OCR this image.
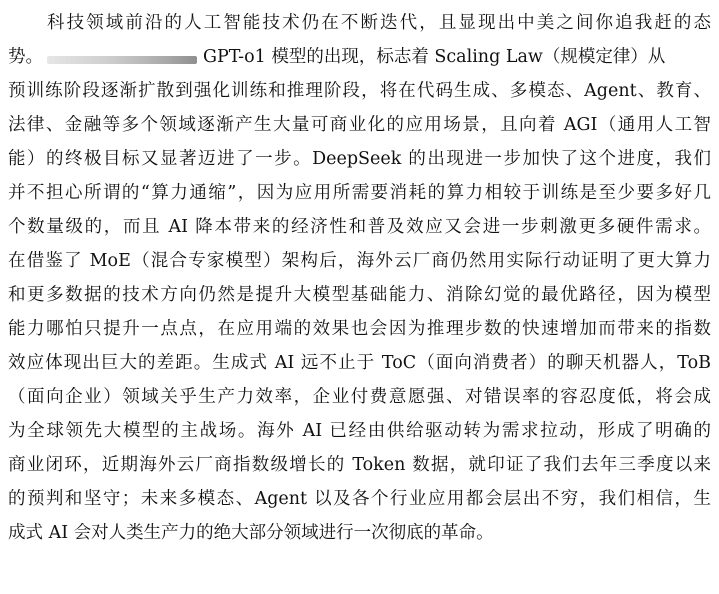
科技领域前沿的人工智能技术仍在不断迭代，且显现出中美之间你追我赶的态
势。	GPT-o1 模型的出现，标志着 Scaling Law（规模定律）从
预训练阶段逐渐扩散到强化训练和推理阶段，将在代码生成、多模态、Agent、教育、
法律、金融等多个领域逐渐产生大量可商业化的应用场景，且向着 AGI（通用人工智
能）的终极目标又显著迈进了一步。DeepSeek 的出现进一步加快了这个进度，我们
并不担心所谓的“算力通缩”，因为应用所需要消耗的算力相较于训练是至少要多好几
个数量级的，而且 AI 降本带来的经济性和普及效应又会进一步刺激更多硬件需求。
在借鉴了 MoE（混合专家模型）架构后，海外云厂商仍然用实际行动证明了更大算力
和更多数据的技术方向仍然是提升大模型基础能力、消除幻觉的最优路径，因为模型
能力哪怕只提升一点点，在应用端的效果也会因为推理步数的快速增加而带来的指数
效应体现出巨大的差距。生成式 AI 远不止于 ToC（面向消费者）的聊天机器人，ToB
（面向企业）领域关乎生产力效率，企业付费意愿强、对错误率的容忍度低，将会成
为全球领先大模型的主战场。海外 AI 已经由供给驱动转为需求拉动，形成了明确的
商业闭环，近期海外云厂商指数级增长的 Token 数据，就印证了我们去年三季度以来
的预判和坚守；未来多模态、Agent 以及各个行业应用都会层出不穷，我们相信，生
成式 AI 会对人类生产力的绝大部分领域进行一次彻底的革命。
